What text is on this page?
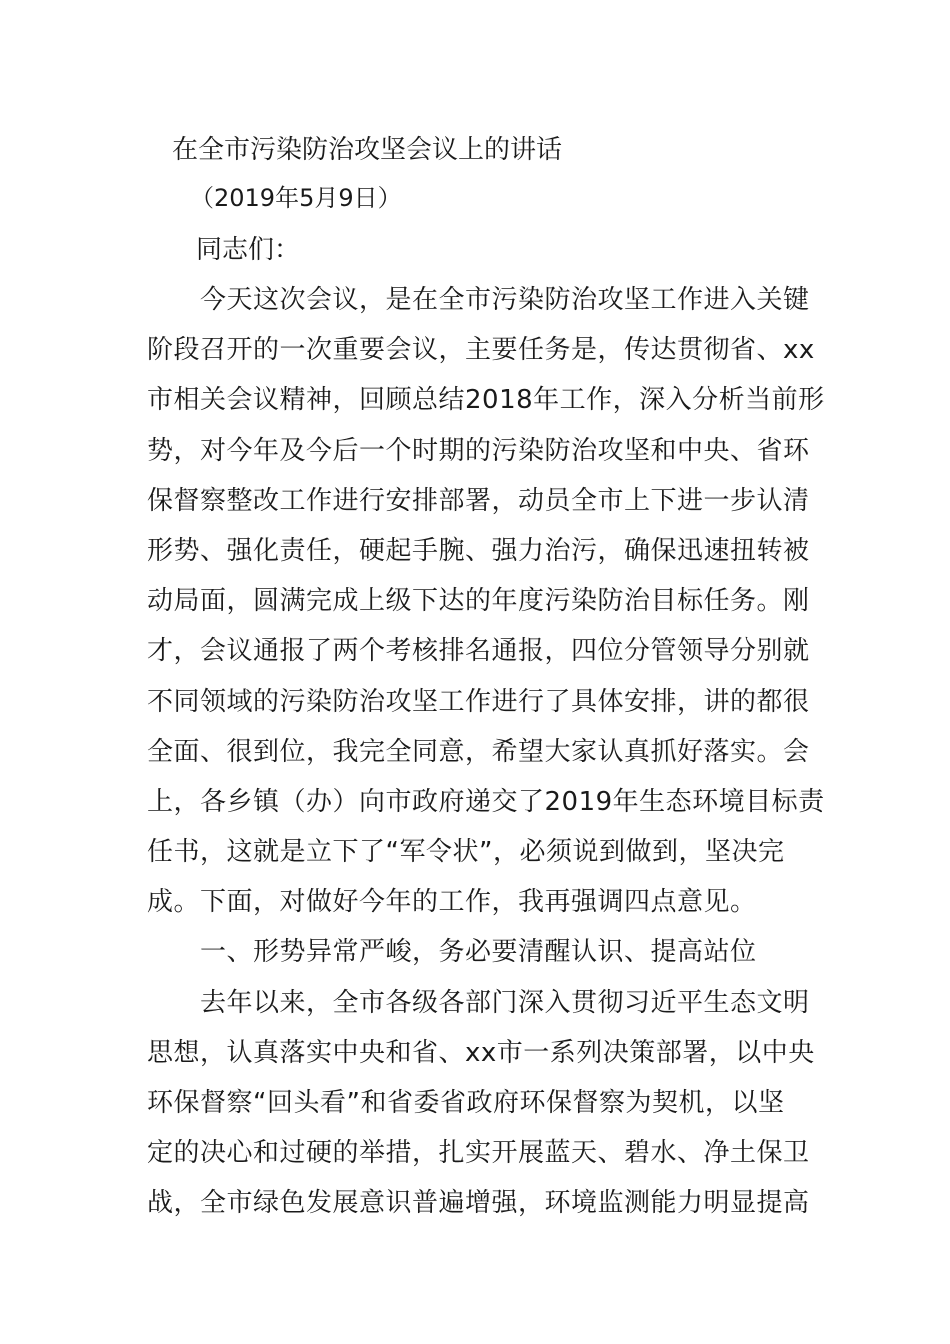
在全市污染防治攻坚会议上的讲话
（2019年5月9日）
同志们：
　　今天这次会议，是在全市污染防治攻坚工作进入关键
阶段召开的一次重要会议，主要任务是，传达贯彻省、xx
市相关会议精神，回顾总结2018年工作，深入分析当前形
势，对今年及今后一个时期的污染防治攻坚和中央、省环
保督察整改工作进行安排部署，动员全市上下进一步认清
形势、强化责任，硬起手腕、强力治污，确保迅速扭转被
动局面，圆满完成上级下达的年度污染防治目标任务。刚
才，会议通报了两个考核排名通报，四位分管领导分别就
不同领域的污染防治攻坚工作进行了具体安排，讲的都很
全面、很到位，我完全同意，希望大家认真抓好落实。会
上，各乡镇（办）向市政府递交了2019年生态环境目标责
任书，这就是立下了“军令状”，必须说到做到，坚决完
成。下面，对做好今年的工作，我再强调四点意见。
　　一、形势异常严峻，务必要清醒认识、提高站位
　　去年以来，全市各级各部门深入贯彻习近平生态文明
思想，认真落实中央和省、xx市一系列决策部署，以中央
环保督察“回头看”和省委省政府环保督察为契机，以坚
定的决心和过硬的举措，扎实开展蓝天、碧水、净土保卫
战，全市绿色发展意识普遍增强，环境监测能力明显提高
